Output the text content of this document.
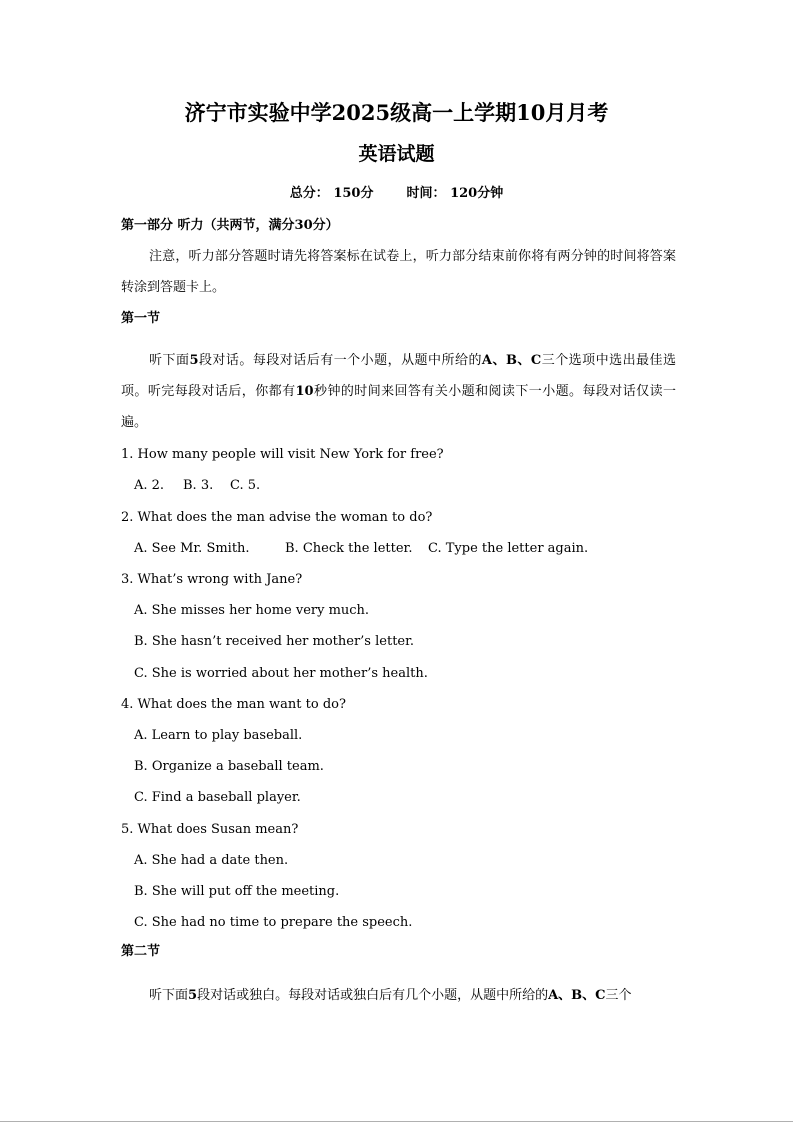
济宁市实验中学2025级高一上学期10月月考
英语试题
总分： 150分	时间： 120分钟
第一部分 听力（共两节，满分30分）
注意，听力部分答题时请先将答案标在试卷上，听力部分结束前你将有两分钟的时间将答案转涂到答题卡上。
第一节
听下面5段对话。每段对话后有一个小题，从题中所给的A、B、C三个选项中选出最佳选项。听完每段对话后，你都有10秒钟的时间来回答有关小题和阅读下一小题。每段对话仅读一遍。
1. How many people will visit New York for free?
A. 2. B. 3. C. 5.
2. What does the man advise the woman to do?
A. See Mr. Smith.	B. Check the letter. C. Type the letter again.
3. What’s wrong with Jane?
A. She misses her home very much.
B. She hasn’t received her mother’s letter.
C. She is worried about her mother’s health.
4. What does the man want to do?
A. Learn to play baseball.
B. Organize a baseball team.
C. Find a baseball player.
5. What does Susan mean?
A. She had a date then.
B. She will put off the meeting.
C. She had no time to prepare the speech.
第二节
听下面5段对话或独白。每段对话或独白后有几个小题，从题中所给的A、B、C三个
